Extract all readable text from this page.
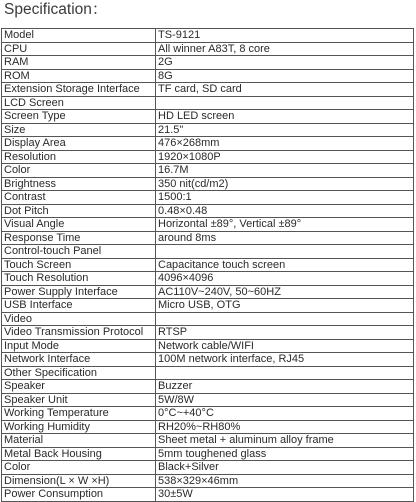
Specification：
Model	TS-9121
CPU	All winner A83T, 8 core
RAM	2G
ROM	8G
Extension Storage Interface	TF card, SD card
LCD Screen	
Screen Type	HD LED screen
Size	21.5"
Display Area	476×268mm
Resolution	1920×1080P
Color	16.7M
Brightness	350 nit(cd/m2)
Contrast	1500:1
Dot Pitch	0.48×0.48
Visual Angle	Horizontal ±89°, Vertical ±89°
Response Time	around 8ms
Control-touch Panel	
Touch Screen	Capacitance touch screen
Touch Resolution	4096×4096
Power Supply Interface	AC110V~240V, 50~60HZ
USB Interface	Micro USB, OTG
Video	
Video Transmission Protocol	RTSP
Input Mode	Network cable/WIFI
Network Interface	100M network interface, RJ45
Other Specification	
Speaker	Buzzer
Speaker Unit	5W/8W
Working Temperature	0°C~+40°C
Working Humidity	RH20%~RH80%
Material	Sheet metal + aluminum alloy frame
Metal Back Housing	5mm toughened glass
Color	Black+Silver
Dimension(L × W ×H)	538×329×46mm
Power Consumption	30±5W
